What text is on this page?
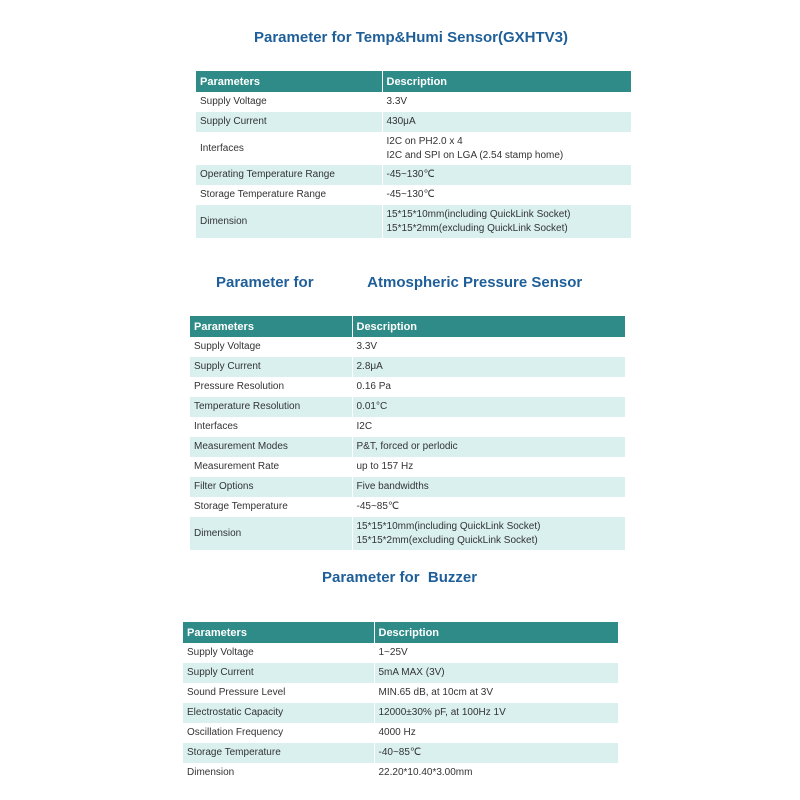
Parameter for Temp&Humi Sensor(GXHTV3)
Parameters	Description
Supply Voltage	3.3V

Supply Current	430μA

Interfaces	I2C on PH2.0 x 4
I2C and SPI on LGA (2.54 stamp home)

Operating Temperature Range	-45~130℃

Storage Temperature Range	-45~130℃

Dimension	15*15*10mm(including QuickLink Socket)
15*15*2mm(excluding QuickLink Socket)
Parameter for             Atmospheric Pressure Sensor
Parameters	Description
Supply Voltage	3.3V

Supply Current	2.8μA

Pressure Resolution	0.16 Pa

Temperature Resolution	0.01°C

Interfaces	I2C

Measurement Modes	P&T, forced or perlodic

Measurement Rate	up to 157 Hz

Filter Options	Five bandwidths

Storage Temperature	-45~85℃

Dimension	15*15*10mm(including QuickLink Socket)
15*15*2mm(excluding QuickLink Socket)
Parameter for  Buzzer
Parameters	Description
Supply Voltage	1~25V

Supply Current	5mA MAX (3V)

Sound Pressure Level	MIN.65 dB, at 10cm at 3V

Electrostatic Capacity	12000±30% pF, at 100Hz 1V

Oscillation Frequency	4000 Hz

Storage Temperature	-40~85℃

Dimension	22.20*10.40*3.00mm
